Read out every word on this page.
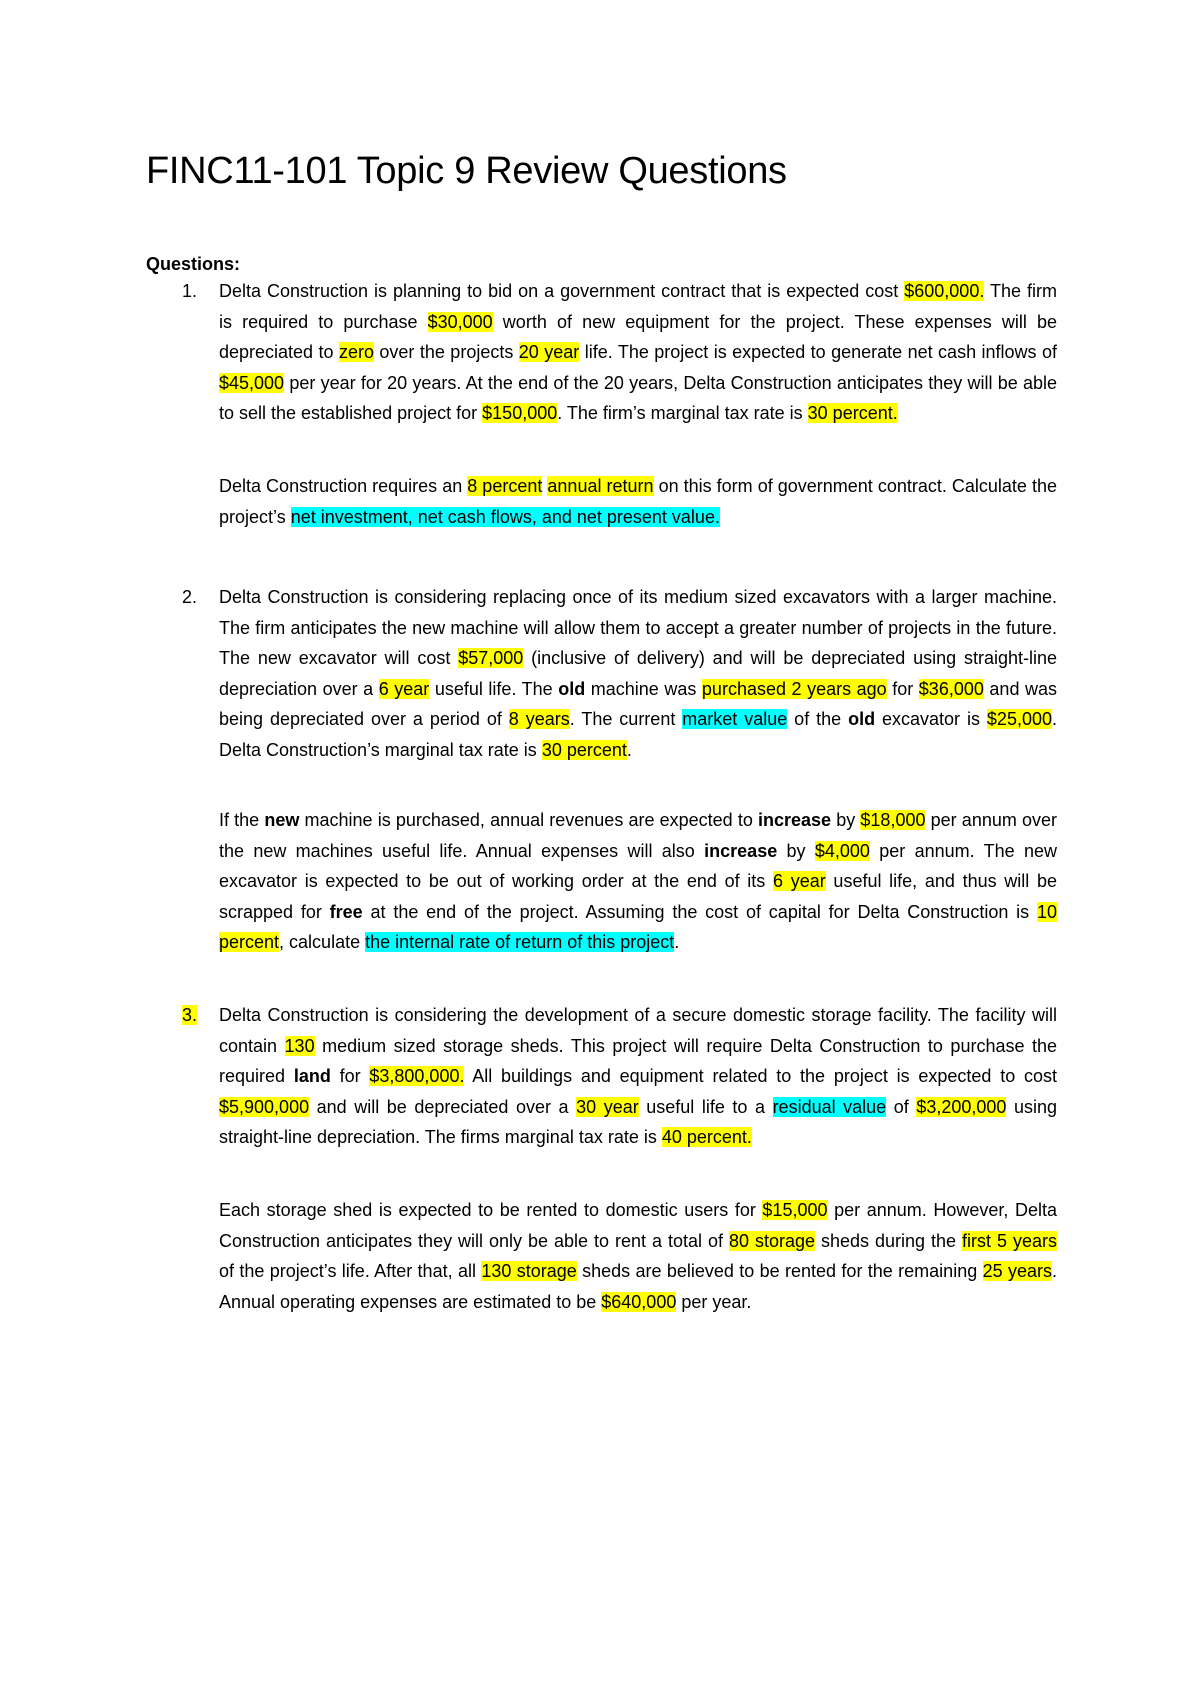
FINC11-101 Topic 9 Review Questions
Questions:
1. Delta Construction is planning to bid on a government contract that is expected cost $600,000. The firm is required to purchase $30,000 worth of new equipment for the project. These expenses will be depreciated to zero over the projects 20 year life. The project is expected to generate net cash inflows of $45,000 per year for 20 years. At the end of the 20 years, Delta Construction anticipates they will be able to sell the established project for $150,000. The firm’s marginal tax rate is 30 percent.
Delta Construction requires an 8 percent annual return on this form of government contract. Calculate the project’s net investment, net cash flows, and net present value.
2. Delta Construction is considering replacing once of its medium sized excavators with a larger machine. The firm anticipates the new machine will allow them to accept a greater number of projects in the future. The new excavator will cost $57,000 (inclusive of delivery) and will be depreciated using straight-line depreciation over a 6 year useful life. The old machine was purchased 2 years ago for $36,000 and was being depreciated over a period of 8 years. The current market value of the old excavator is $25,000. Delta Construction’s marginal tax rate is 30 percent.
If the new machine is purchased, annual revenues are expected to increase by $18,000 per annum over the new machines useful life. Annual expenses will also increase by $4,000 per annum. The new excavator is expected to be out of working order at the end of its 6 year useful life, and thus will be scrapped for free at the end of the project. Assuming the cost of capital for Delta Construction is 10 percent, calculate the internal rate of return of this project.
3. Delta Construction is considering the development of a secure domestic storage facility. The facility will contain 130 medium sized storage sheds. This project will require Delta Construction to purchase the required land for $3,800,000. All buildings and equipment related to the project is expected to cost $5,900,000 and will be depreciated over a 30 year useful life to a residual value of $3,200,000 using straight-line depreciation. The firms marginal tax rate is 40 percent.
Each storage shed is expected to be rented to domestic users for $15,000 per annum. However, Delta Construction anticipates they will only be able to rent a total of 80 storage sheds during the first 5 years of the project’s life. After that, all 130 storage sheds are believed to be rented for the remaining 25 years. Annual operating expenses are estimated to be $640,000 per year.
